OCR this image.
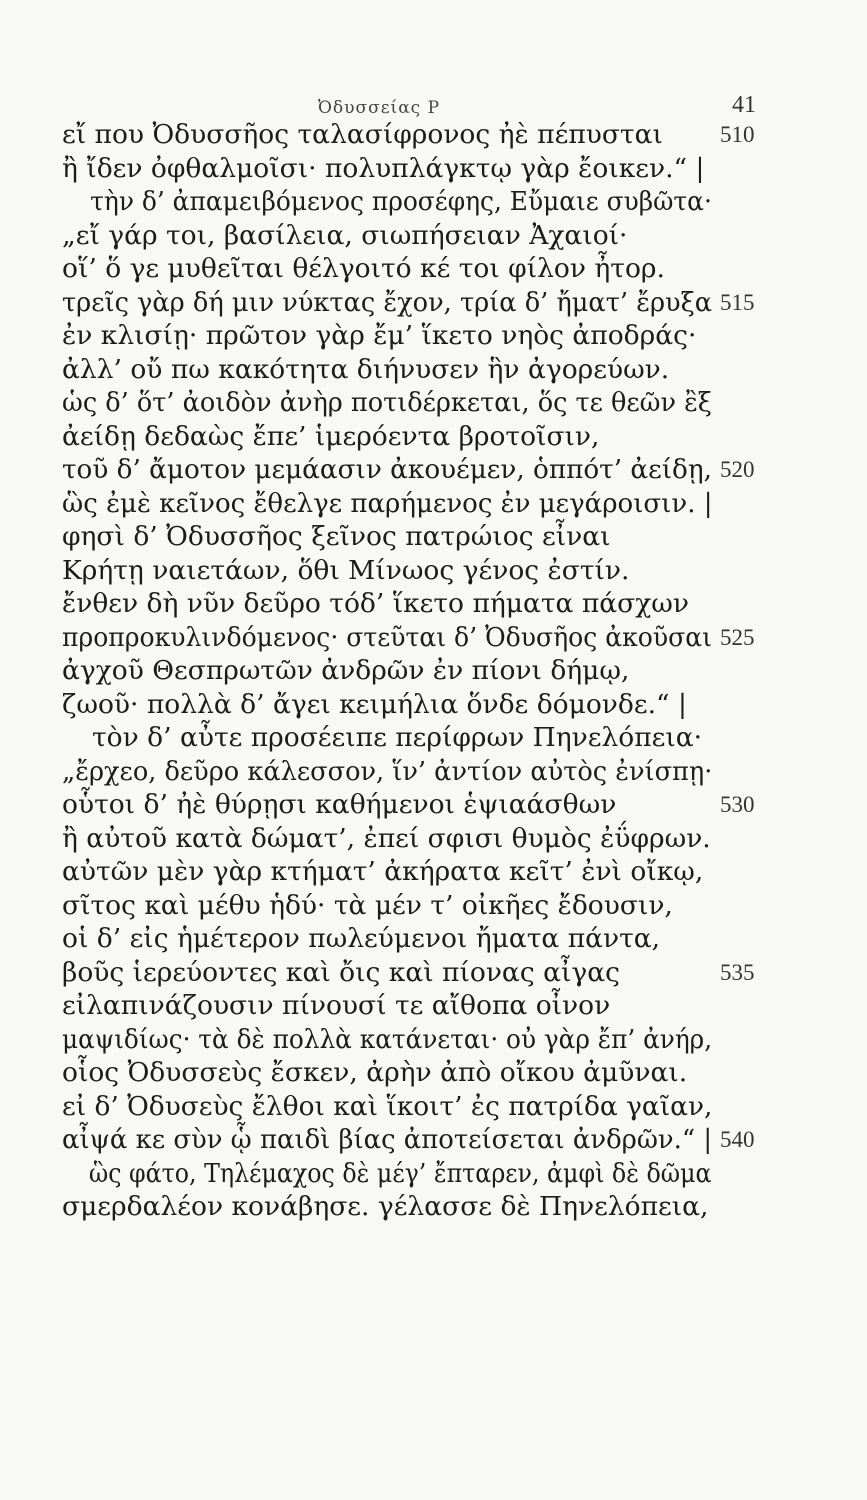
Ὀδυσσείας Ρ	41
εἴ που Ὀδυσσῆος ταλασίφρονος ἠὲ πέπυσται 510
ἢ ἴδεν ὀφθαλμοῖσι· πολυπλάγκτῳ γὰρ ἔοικεν.“ |
τὴν δ’ ἀπαμειβόμενος προσέφης, Εὔμαιε συβῶτα·
„εἴ γάρ τοι, βασίλεια, σιωπήσειαν Ἀχαιοί·
οἵ’ ὅ γε μυθεῖται θέλγοιτό κέ τοι φίλον ἦτορ.
τρεῖς γὰρ δή μιν νύκτας ἔχον, τρία δ’ ἤματ’ ἔρυξα 515
ἐν κλισίῃ· πρῶτον γὰρ ἔμ’ ἵκετο νηὸς ἀποδράς·
ἀλλ’ οὔ πω κακότητα διήνυσεν ἣν ἀγορεύων.
ὡς δ’ ὅτ’ ἀοιδὸν ἀνὴρ ποτιδέρκεται, ὅς τε θεῶν ἒξ
ἀείδῃ δεδαὼς ἔπε’ ἱμερόεντα βροτοῖσιν,
τοῦ δ’ ἄμοτον μεμάασιν ἀκουέμεν, ὁππότ’ ἀείδῃ, 520
ὣς ἐμὲ κεῖνος ἔθελγε παρήμενος ἐν μεγάροισιν. |
φησὶ δ’ Ὀδυσσῆος ξεῖνος πατρώιος εἶναι
Κρήτῃ ναιετάων, ὅθι Μίνωος γένος ἐστίν.
ἔνθεν δὴ νῦν δεῦρο τόδ’ ἵκετο πήματα πάσχων
προπροκυλινδόμενος· στεῦται δ’ Ὀδυσῆος ἀκοῦσαι 525
ἀγχοῦ Θεσπρωτῶν ἀνδρῶν ἐν πίονι δήμῳ,
ζωοῦ· πολλὰ δ’ ἄγει κειμήλια ὅνδε δόμονδε.“ |
τὸν δ’ αὖτε προσέειπε περίφρων Πηνελόπεια·
„ἔρχεο, δεῦρο κάλεσσον, ἵν’ ἀντίον αὐτὸς ἐνίσπῃ·
οὗτοι δ’ ἠὲ θύρῃσι καθήμενοι ἑψιαάσθων	530
ἢ αὐτοῦ κατὰ δώματ’, ἐπεί σφισι θυμὸς ἐΰφρων.
αὐτῶν μὲν γὰρ κτήματ’ ἀκήρατα κεῖτ’ ἐνὶ οἴκῳ,
σῖτος καὶ μέθυ ἡδύ· τὰ μέν τ’ οἰκῆες ἔδουσιν,
οἱ δ’ εἰς ἡμέτερον πωλεύμενοι ἤματα πάντα,
βοῦς ἱερεύοντες καὶ ὄις καὶ πίονας αἶγας	535
εἰλαπινάζουσιν πίνουσί τε αἴθοπα οἶνον
μαψιδίως· τὰ δὲ πολλὰ κατάνεται· οὐ γὰρ ἔπ’ ἀνήρ,
οἷος Ὀδυσσεὺς ἔσκεν, ἀρὴν ἀπὸ οἴκου ἀμῦναι.
εἰ δ’ Ὀδυσεὺς ἔλθοι καὶ ἵκοιτ’ ἐς πατρίδα γαῖαν,
αἶψά κε σὺν ᾧ παιδὶ βίας ἀποτείσεται ἀνδρῶν.“ | 540
ὣς φάτο, Τηλέμαχος δὲ μέγ’ ἔπταρεν, ἀμφὶ δὲ δῶμα
σμερδαλέον κονάβησε. γέλασσε δὲ Πηνελόπεια,
